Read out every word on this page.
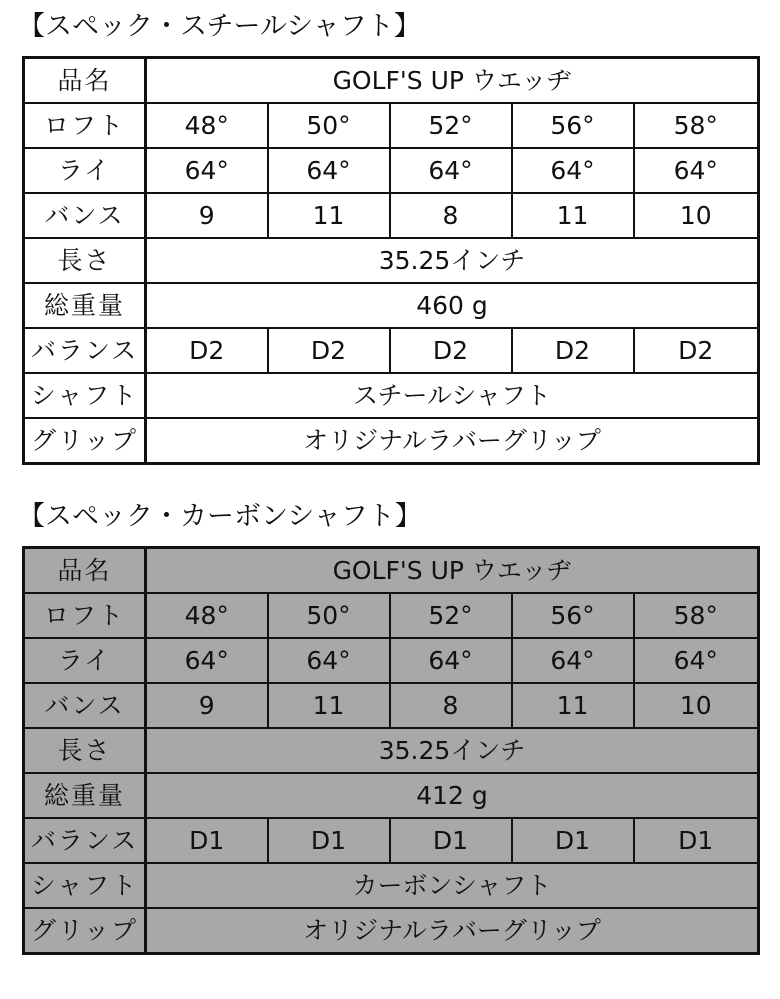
【スペック・スチールシャフト】
品名	GOLF'S UP ウエッヂ				
ロフト	48°	50°	52°	56°	58°
ライ	64°	64°	64°	64°	64°
バンス	9	11	8	11	10
長さ	35.25インチ				
総重量	460 g				
バランス	D2	D2	D2	D2	D2
シャフト	スチールシャフト				
グリップ	オリジナルラバーグリップ				
【スペック・カーボンシャフト】
品名	GOLF'S UP ウエッヂ				
ロフト	48°	50°	52°	56°	58°
ライ	64°	64°	64°	64°	64°
バンス	9	11	8	11	10
長さ	35.25インチ				
総重量	412 g				
バランス	D1	D1	D1	D1	D1
シャフト	カーボンシャフト				
グリップ	オリジナルラバーグリップ				
